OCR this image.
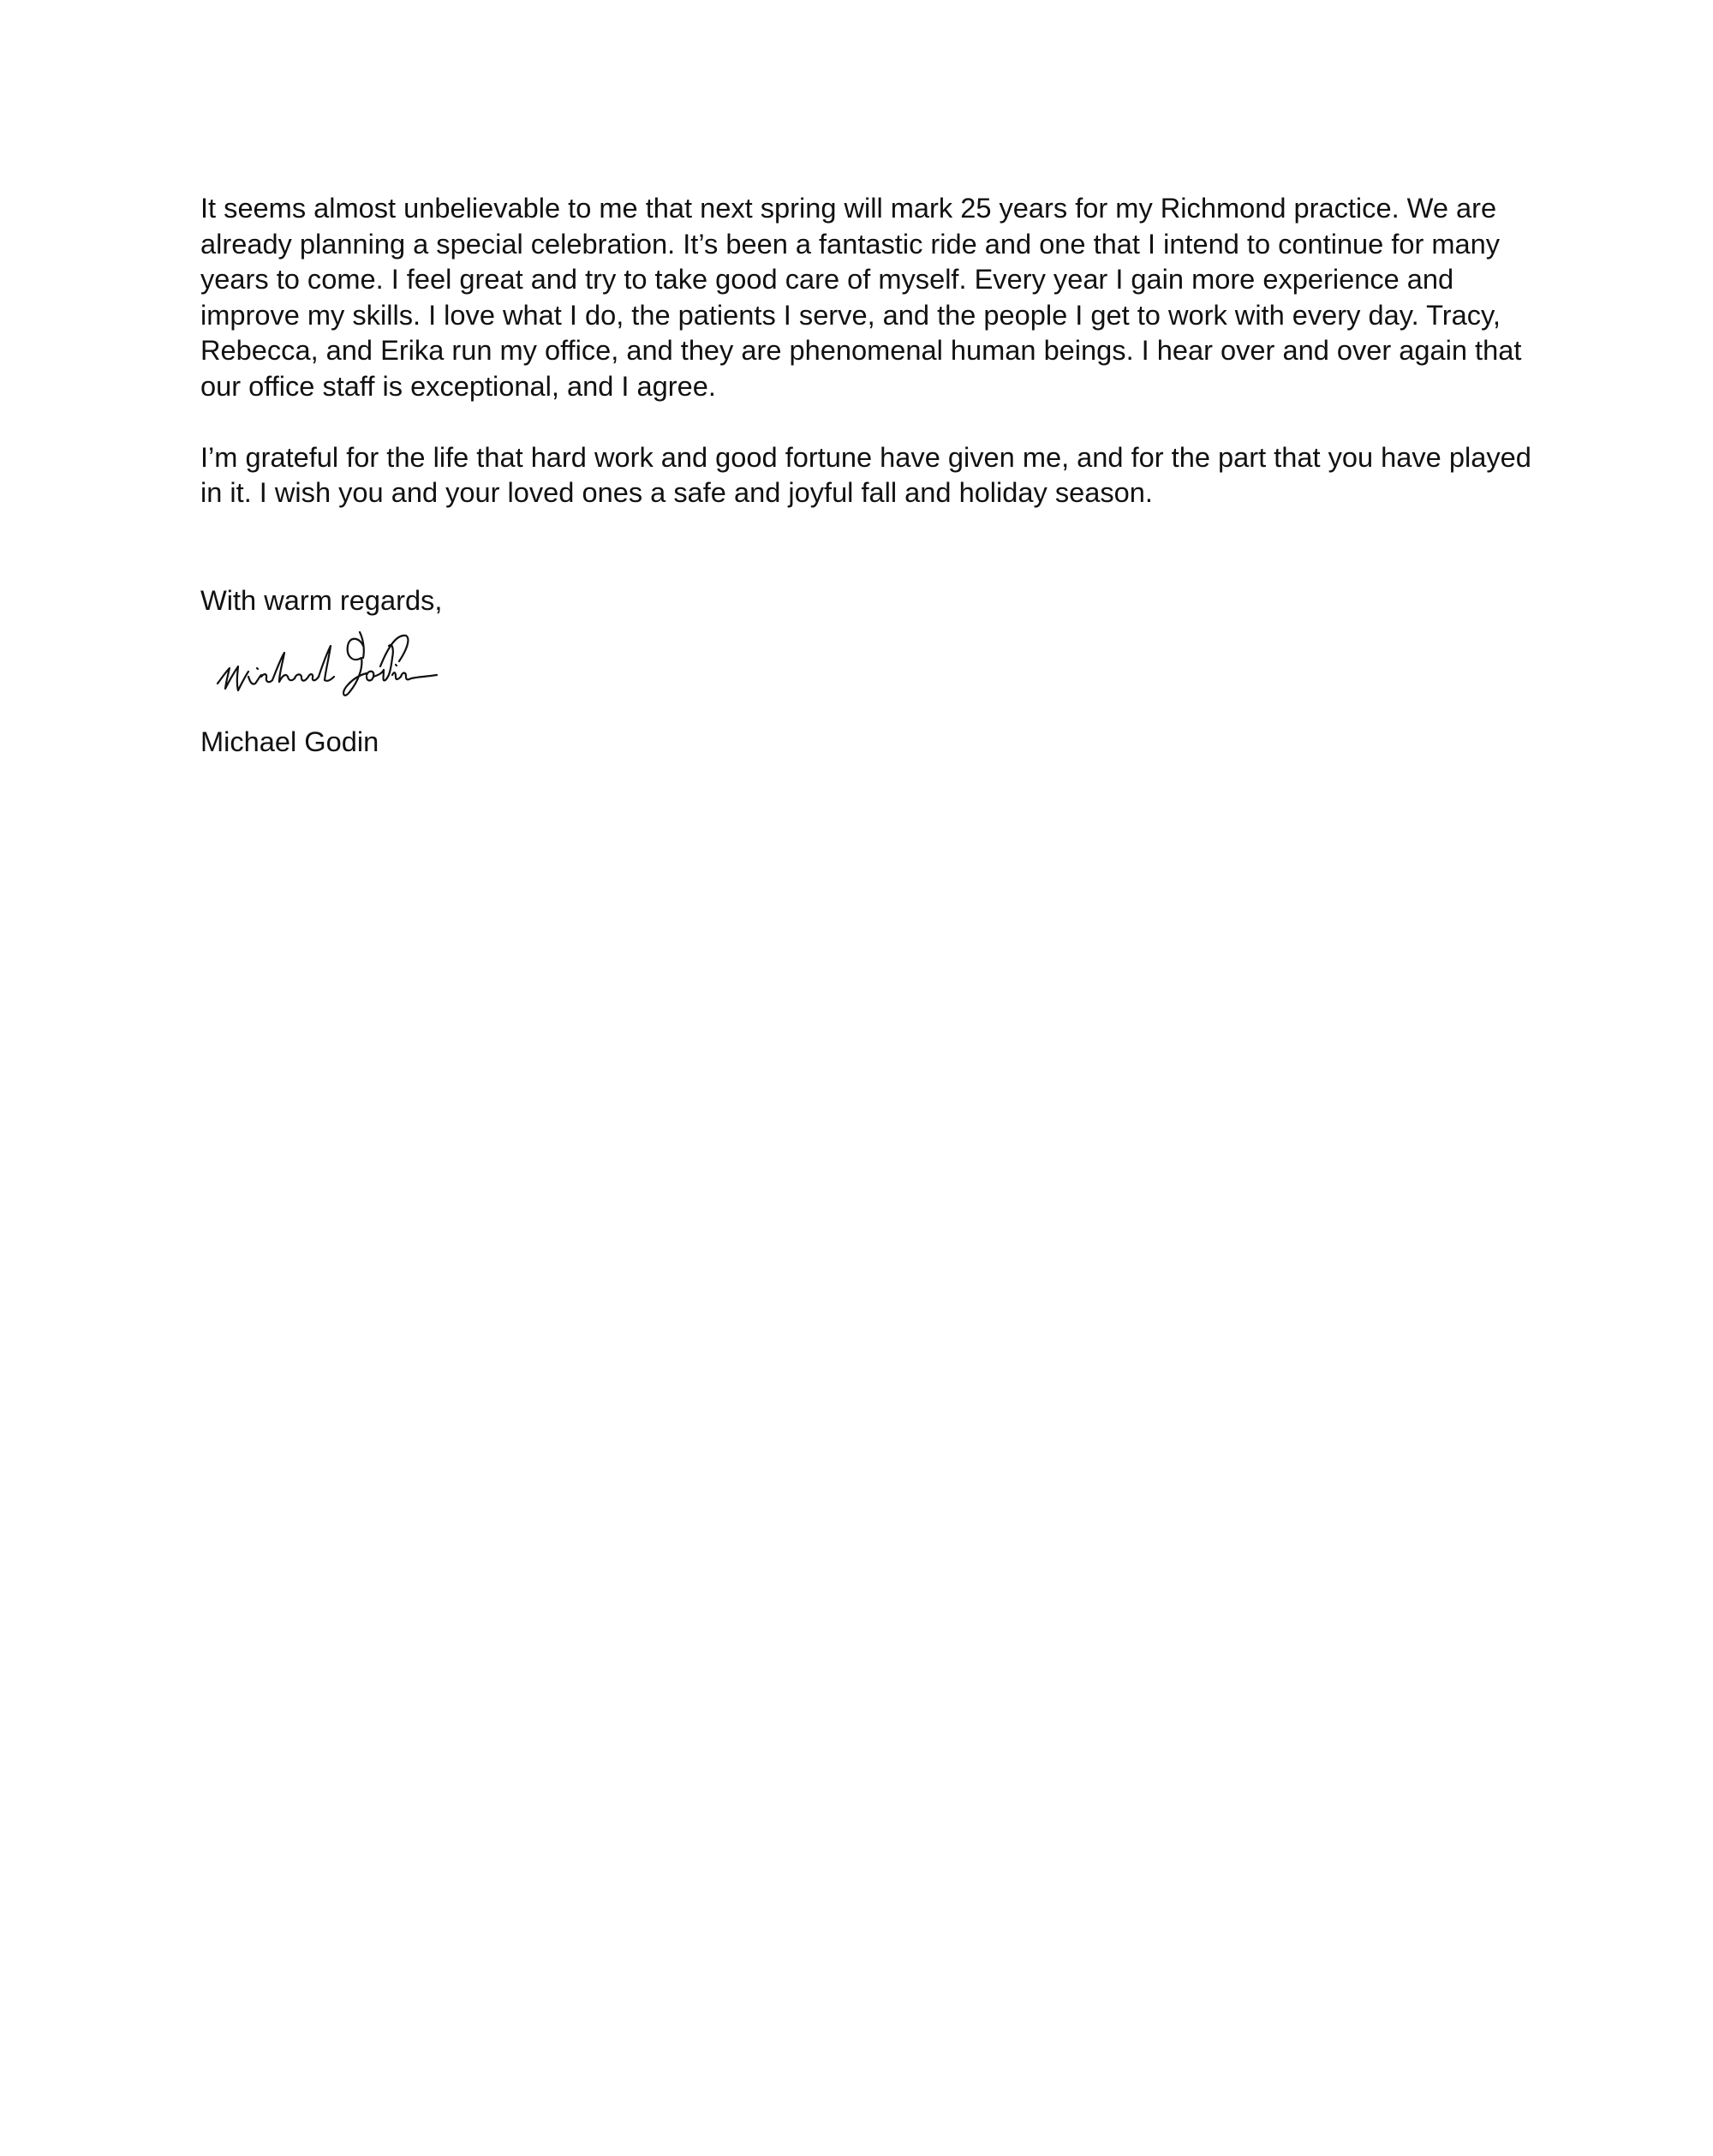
It seems almost unbelievable to me that next spring will mark 25 years for my Richmond practice. We are already planning a special celebration. It’s been a fantastic ride and one that I intend to continue for many years to come. I feel great and try to take good care of myself. Every year I gain more experience and improve my skills. I love what I do, the patients I serve, and the people I get to work with every day. Tracy, Rebecca, and Erika run my office, and they are phenomenal human beings. I hear over and over again that our office staff is exceptional, and I agree.

I’m grateful for the life that hard work and good fortune have given me, and for the part that you have played in it. I wish you and your loved ones a safe and joyful fall and holiday season.

With warm regards,

Michael Godin
